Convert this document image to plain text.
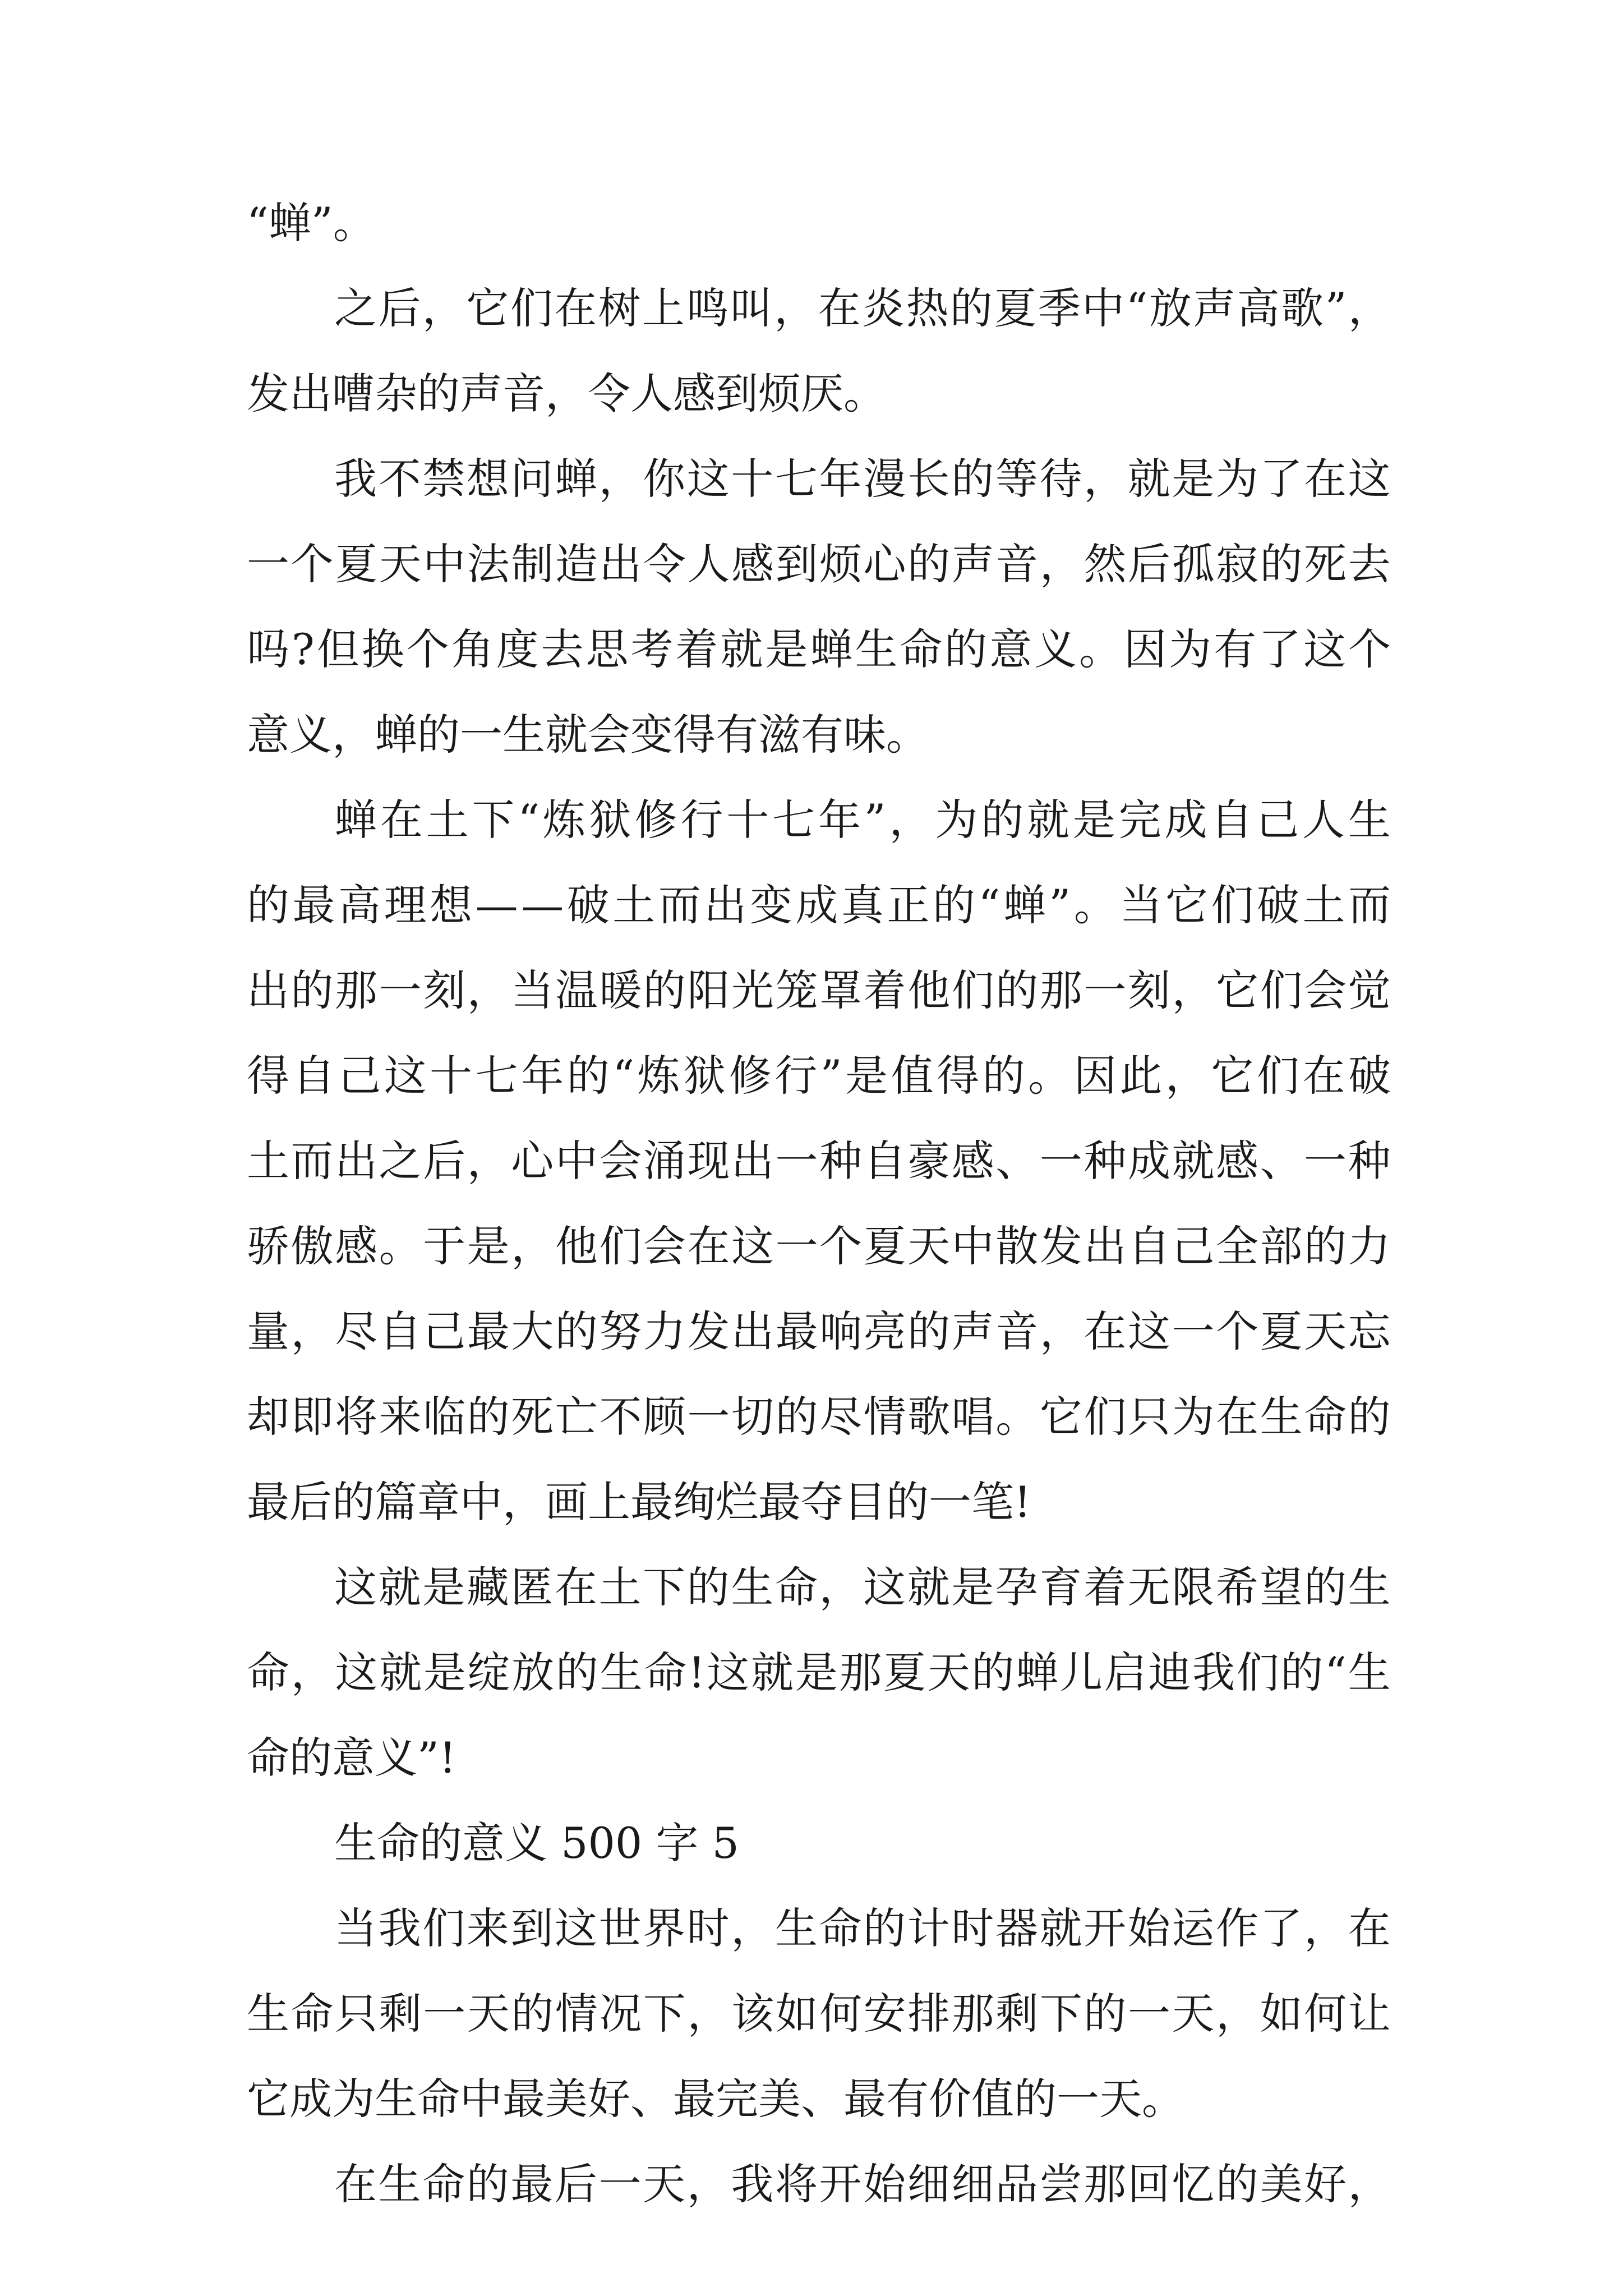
“蝉”。
之 后 ， 它 们 在 树 上 鸣 叫 ， 在 炎 热 的 夏 季 中 “ 放 声 高 歌 ” ，
发出嘈杂的声音，令人感到烦厌。
我 不 禁 想 问 蝉 ， 你 这 十 七 年 漫 长 的 等 待 ， 就 是 为 了 在 这
一 个 夏 天 中 法 制 造 出 令 人 感 到 烦 心 的 声 音 ， 然 后 孤 寂 的 死 去
吗 ? 但 换 个 角 度 去 思 考 着 就 是 蝉 生 命 的 意 义 。 因 为 有 了 这 个
意义，蝉的一生就会变得有滋有味。
蝉 在 土 下 “ 炼 狱 修 行 十 七 年 ” ， 为 的 就 是 完 成 自 己 人 生
的 最 高 理 想 — — 破 土 而 出 变 成 真 正 的 “ 蝉 ” 。 当 它 们 破 土 而
出 的 那 一 刻 ， 当 温 暖 的 阳 光 笼 罩 着 他 们 的 那 一 刻 ， 它 们 会 觉
得 自 己 这 十 七 年 的 “ 炼 狱 修 行 ” 是 值 得 的 。 因 此 ， 它 们 在 破
土 而 出 之 后 ， 心 中 会 涌 现 出 一 种 自 豪 感 、 一 种 成 就 感 、 一 种
骄 傲 感 。 于 是 ， 他 们 会 在 这 一 个 夏 天 中 散 发 出 自 己 全 部 的 力
量 ， 尽 自 己 最 大 的 努 力 发 出 最 响 亮 的 声 音 ， 在 这 一 个 夏 天 忘
却 即 将 来 临 的 死 亡 不 顾 一 切 的 尽 情 歌 唱 。 它 们 只 为 在 生 命 的
最后的篇章中，画上最绚烂最夺目的一笔!
这 就 是 藏 匿 在 土 下 的 生 命 ， 这 就 是 孕 育 着 无 限 希 望 的 生
命 ， 这 就 是 绽 放 的 生 命 ! 这 就 是 那 夏 天 的 蝉 儿 启 迪 我 们 的 “ 生
命的意义”!
生命的意义 500 字 5
当 我 们 来 到 这 世 界 时 ， 生 命 的 计 时 器 就 开 始 运 作 了 ， 在
生 命 只 剩 一 天 的 情 况 下 ， 该 如 何 安 排 那 剩 下 的 一 天 ， 如 何 让
它成为生命中最美好、最完美、最有价值的一天。
在 生 命 的 最 后 一 天 ， 我 将 开 始 细 细 品 尝 那 回 忆 的 美 好 ，
